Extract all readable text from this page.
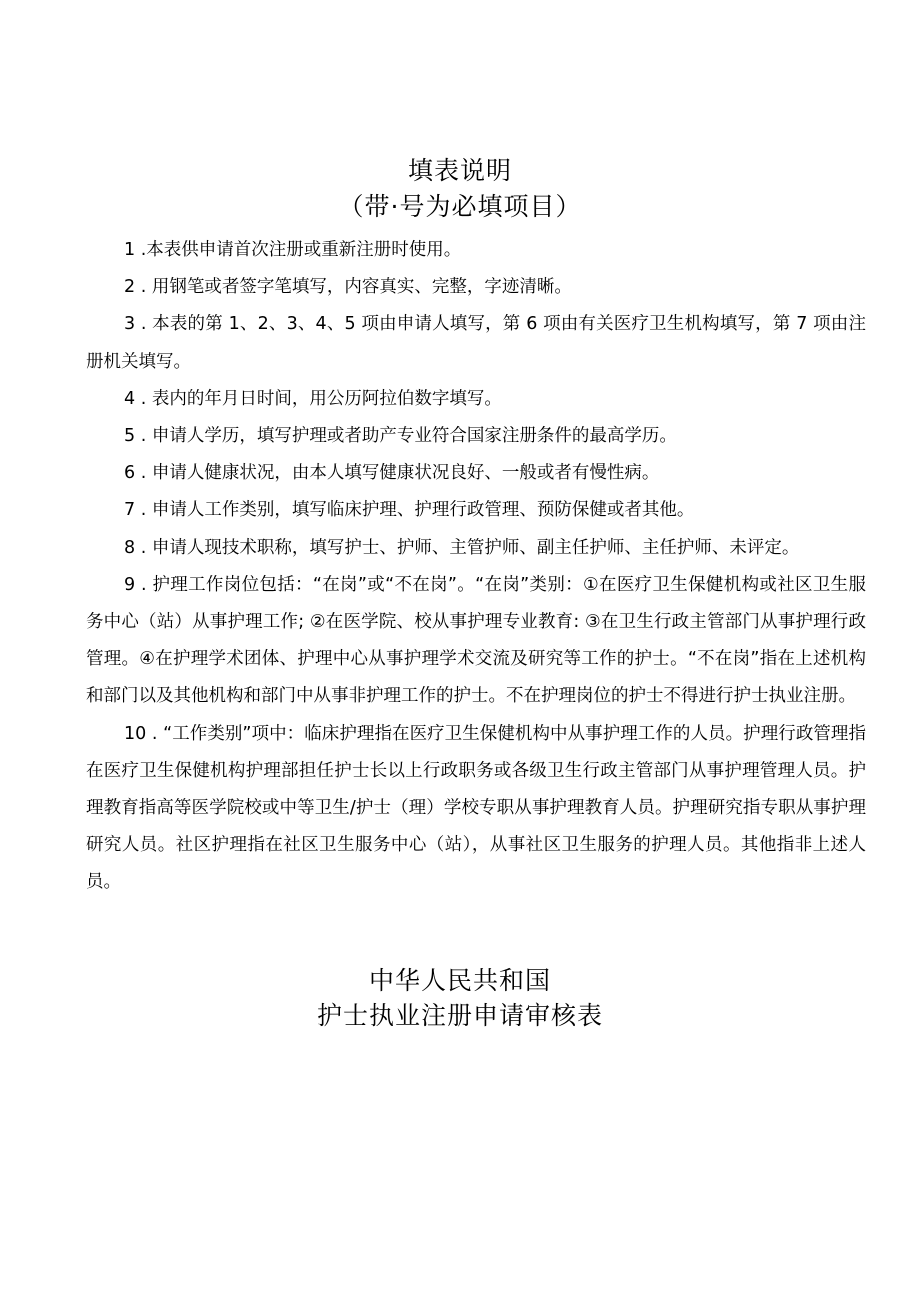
填表说明
（带·号为必填项目）

1 .本表供申请首次注册或重新注册时使用。

2 . 用钢笔或者签字笔填写，内容真实、完整，字迹清晰。

3 . 本表的第 1、2、3、4、5 项由申请人填写，第 6 项由有关医疗卫生机构填写，第 7 项由注册机关填写。

4 . 表内的年月日时间，用公历阿拉伯数字填写。

5 . 申请人学历，填写护理或者助产专业符合国家注册条件的最高学历。

6 . 申请人健康状况，由本人填写健康状况良好、一般或者有慢性病。

7 . 申请人工作类别，填写临床护理、护理行政管理、预防保健或者其他。

8 . 申请人现技术职称，填写护士、护师、主管护师、副主任护师、主任护师、未评定。

9 . 护理工作岗位包括：“在岗”或“不在岗”。“在岗”类别：①在医疗卫生保健机构或社区卫生服务中心（站）从事护理工作; ②在医学院、校从事护理专业教育: ③在卫生行政主管部门从事护理行政管理。④在护理学术团体、护理中心从事护理学术交流及研究等工作的护士。“不在岗”指在上述机构和部门以及其他机构和部门中从事非护理工作的护士。不在护理岗位的护士不得进行护士执业注册。

10 . “工作类别”项中：临床护理指在医疗卫生保健机构中从事护理工作的人员。护理行政管理指在医疗卫生保健机构护理部担任护士长以上行政职务或各级卫生行政主管部门从事护理管理人员。护理教育指高等医学院校或中等卫生/护士（理）学校专职从事护理教育人员。护理研究指专职从事护理研究人员。社区护理指在社区卫生服务中心（站），从事社区卫生服务的护理人员。其他指非上述人员。

中华人民共和国
护士执业注册申请审核表
